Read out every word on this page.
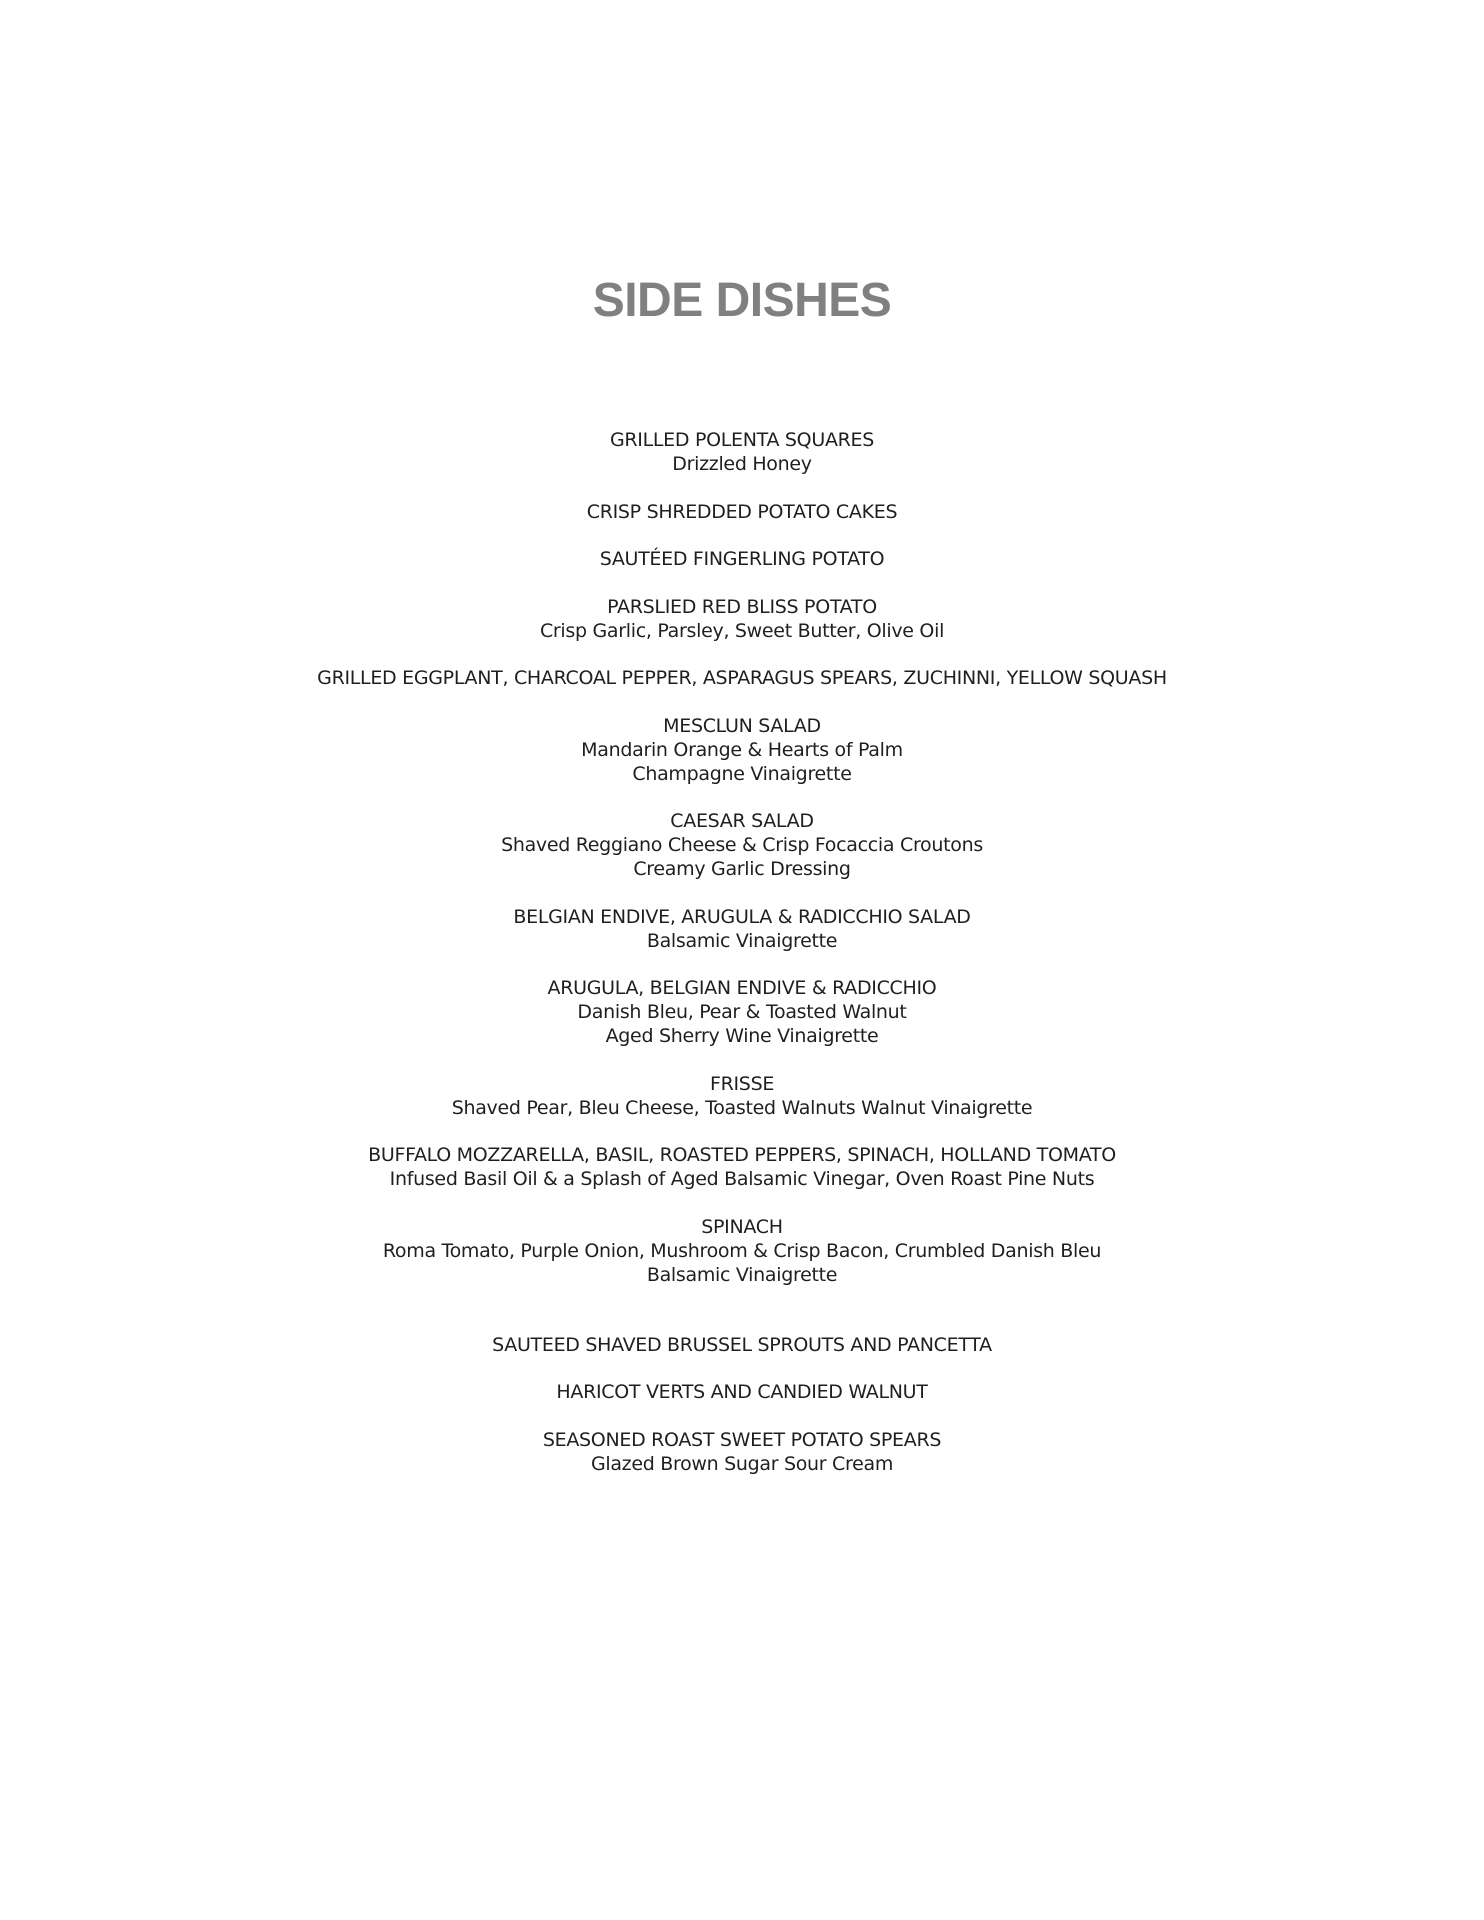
SIDE DISHES
GRILLED POLENTA SQUARES
Drizzled Honey
CRISP SHREDDED POTATO CAKES
SAUTÉED FINGERLING POTATO
PARSLIED RED BLISS POTATO
Crisp Garlic, Parsley, Sweet Butter, Olive Oil
GRILLED EGGPLANT, CHARCOAL PEPPER, ASPARAGUS SPEARS, ZUCHINNI, YELLOW SQUASH
MESCLUN SALAD
Mandarin Orange & Hearts of Palm
Champagne Vinaigrette
CAESAR SALAD
Shaved Reggiano Cheese & Crisp Focaccia Croutons
Creamy Garlic Dressing
BELGIAN ENDIVE, ARUGULA & RADICCHIO SALAD
Balsamic Vinaigrette
ARUGULA, BELGIAN ENDIVE & RADICCHIO
Danish Bleu, Pear & Toasted Walnut
Aged Sherry Wine Vinaigrette
FRISSE
Shaved Pear, Bleu Cheese, Toasted Walnuts Walnut Vinaigrette
BUFFALO MOZZARELLA, BASIL, ROASTED PEPPERS, SPINACH, HOLLAND TOMATO
Infused Basil Oil & a Splash of Aged Balsamic Vinegar, Oven Roast Pine Nuts
SPINACH
Roma Tomato, Purple Onion, Mushroom & Crisp Bacon, Crumbled Danish Bleu
Balsamic Vinaigrette
SAUTEED SHAVED BRUSSEL SPROUTS AND PANCETTA
HARICOT VERTS AND CANDIED WALNUT
SEASONED ROAST SWEET POTATO SPEARS
Glazed Brown Sugar Sour Cream
